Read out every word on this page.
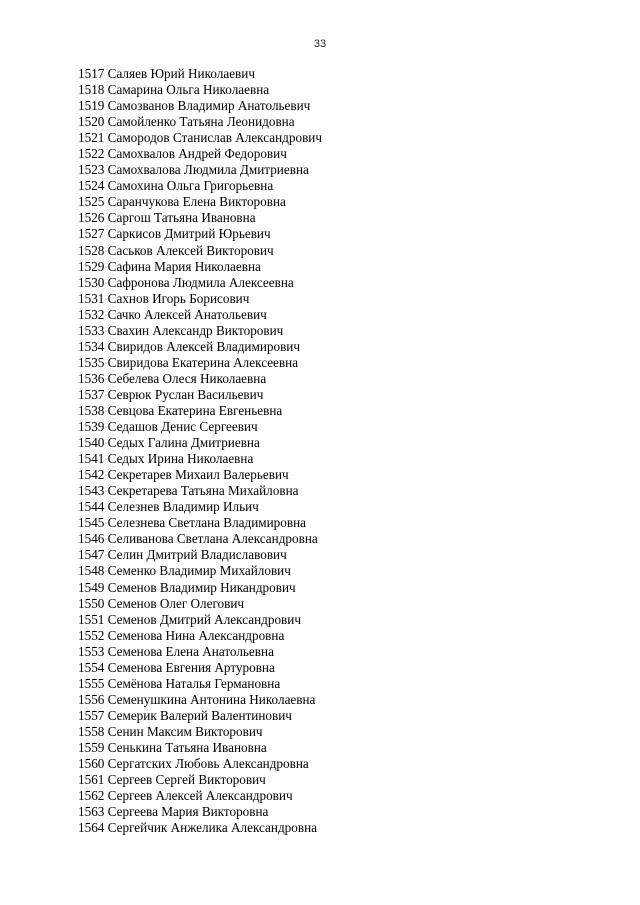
33
1517 Саляев Юрий Николаевич
1518 Самарина Ольга Николаевна
1519 Самозванов Владимир Анатольевич
1520 Самойленко Татьяна Леонидовна
1521 Самородов Станислав Александрович
1522 Самохвалов Андрей Федорович
1523 Самохвалова Людмила Дмитриевна
1524 Самохина Ольга Григорьевна
1525 Саранчукова Елена Викторовна
1526 Саргош Татьяна Ивановна
1527 Саркисов Дмитрий Юрьевич
1528 Саськов Алексей Викторович
1529 Сафина Мария Николаевна
1530 Сафронова Людмила Алексеевна
1531 Сахнов Игорь Борисович
1532 Сачко Алексей Анатольевич
1533 Свахин Александр Викторович
1534 Свиридов Алексей Владимирович
1535 Свиридова Екатерина Алексеевна
1536 Себелева Олеся Николаевна
1537 Севрюк Руслан Васильевич
1538 Севцова Екатерина Евгеньевна
1539 Седашов Денис Сергеевич
1540 Седых Галина Дмитриевна
1541 Седых Ирина Николаевна
1542 Секретарев Михаил Валерьевич
1543 Секретарева Татьяна Михайловна
1544 Селезнев Владимир Ильич
1545 Селезнева Светлана Владимировна
1546 Селиванова Светлана Александровна
1547 Селин Дмитрий Владиславович
1548 Семенко Владимир Михайлович
1549 Семенов Владимир Никандрович
1550 Семенов Олег Олегович
1551 Семенов Дмитрий Александрович
1552 Семенова Нина Александровна
1553 Семенова Елена Анатольевна
1554 Семенова Евгения Артуровна
1555 Семёнова Наталья Германовна
1556 Семенушкина Антонина Николаевна
1557 Семерик Валерий Валентинович
1558 Сенин Максим Викторович
1559 Сенькина Татьяна Ивановна
1560 Сергатских Любовь Александровна
1561 Сергеев Сергей Викторович
1562 Сергеев Алексей Александрович
1563 Сергеева Мария Викторовна
1564 Сергейчик Анжелика Александровна
